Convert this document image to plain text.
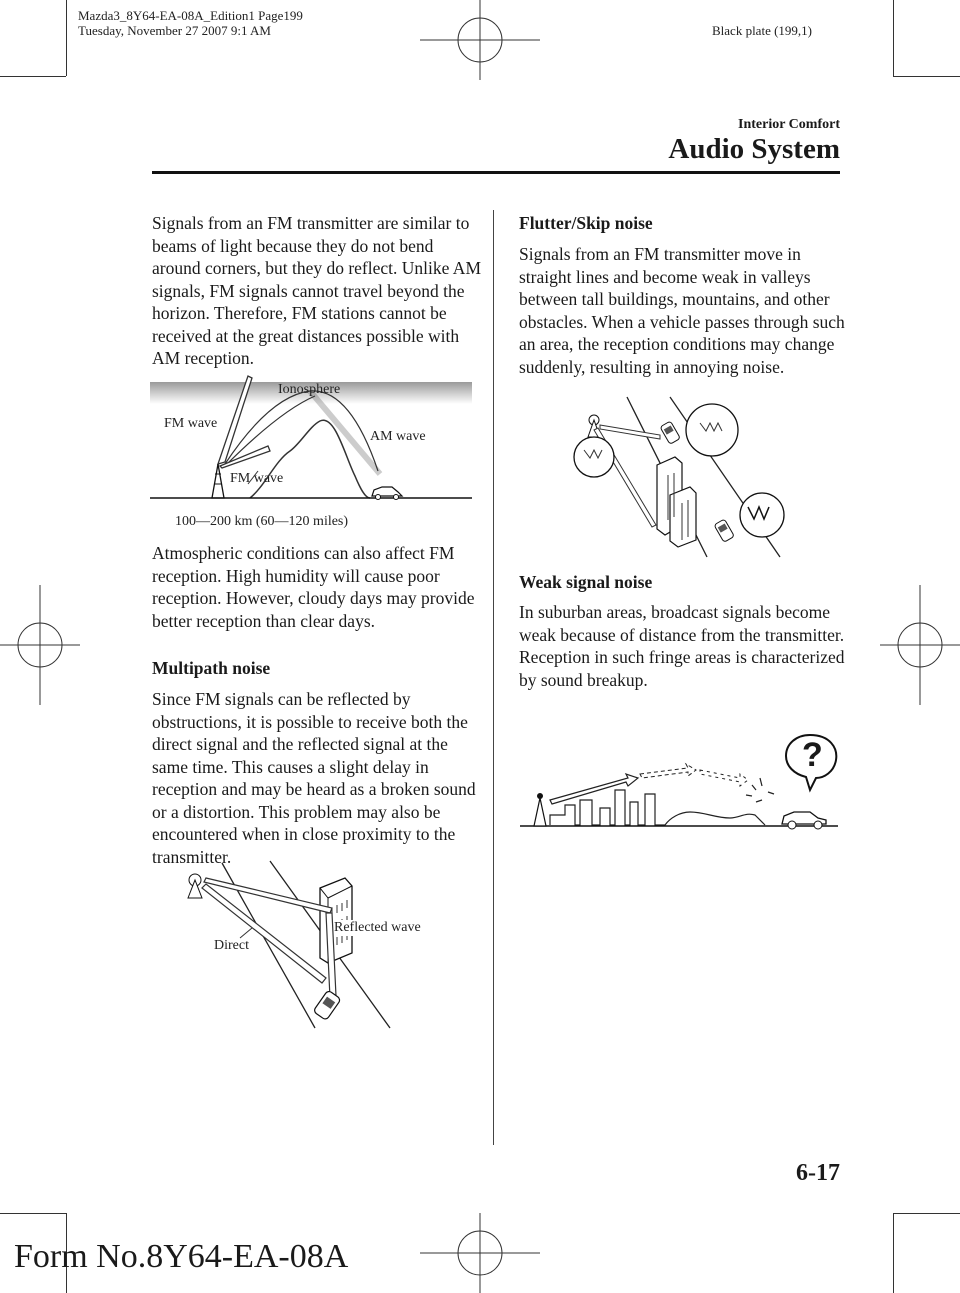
Mazda3_8Y64-EA-08A_Edition1 Page199
Tuesday, November 27 2007 9:1 AM	Black plate (199,1)
Interior Comfort
Audio System

Signals from an FM transmitter are similar to beams of light because they do not bend around corners, but they do reflect. Unlike AM signals, FM signals cannot travel beyond the horizon. Therefore, FM stations cannot be received at the great distances possible with AM reception.

Ionosphere
FM wave
AM wave
FM wave
100—200 km (60—120 miles)

Atmospheric conditions can also affect FM reception. High humidity will cause poor reception. However, cloudy days may provide better reception than clear days.

Multipath noise

Since FM signals can be reflected by obstructions, it is possible to receive both the direct signal and the reflected signal at the same time. This causes a slight delay in reception and may be heard as a broken sound or a distortion. This problem may also be encountered when in close proximity to the transmitter.

Reflected wave
Direct

Flutter/Skip noise

Signals from an FM transmitter move in straight lines and become weak in valleys between tall buildings, mountains, and other obstacles. When a vehicle passes through such an area, the reception conditions may change suddenly, resulting in annoying noise.

Weak signal noise

In suburban areas, broadcast signals become weak because of distance from the transmitter. Reception in such fringe areas is characterized by sound breakup.

?
6-17
Form No.8Y64-EA-08A
